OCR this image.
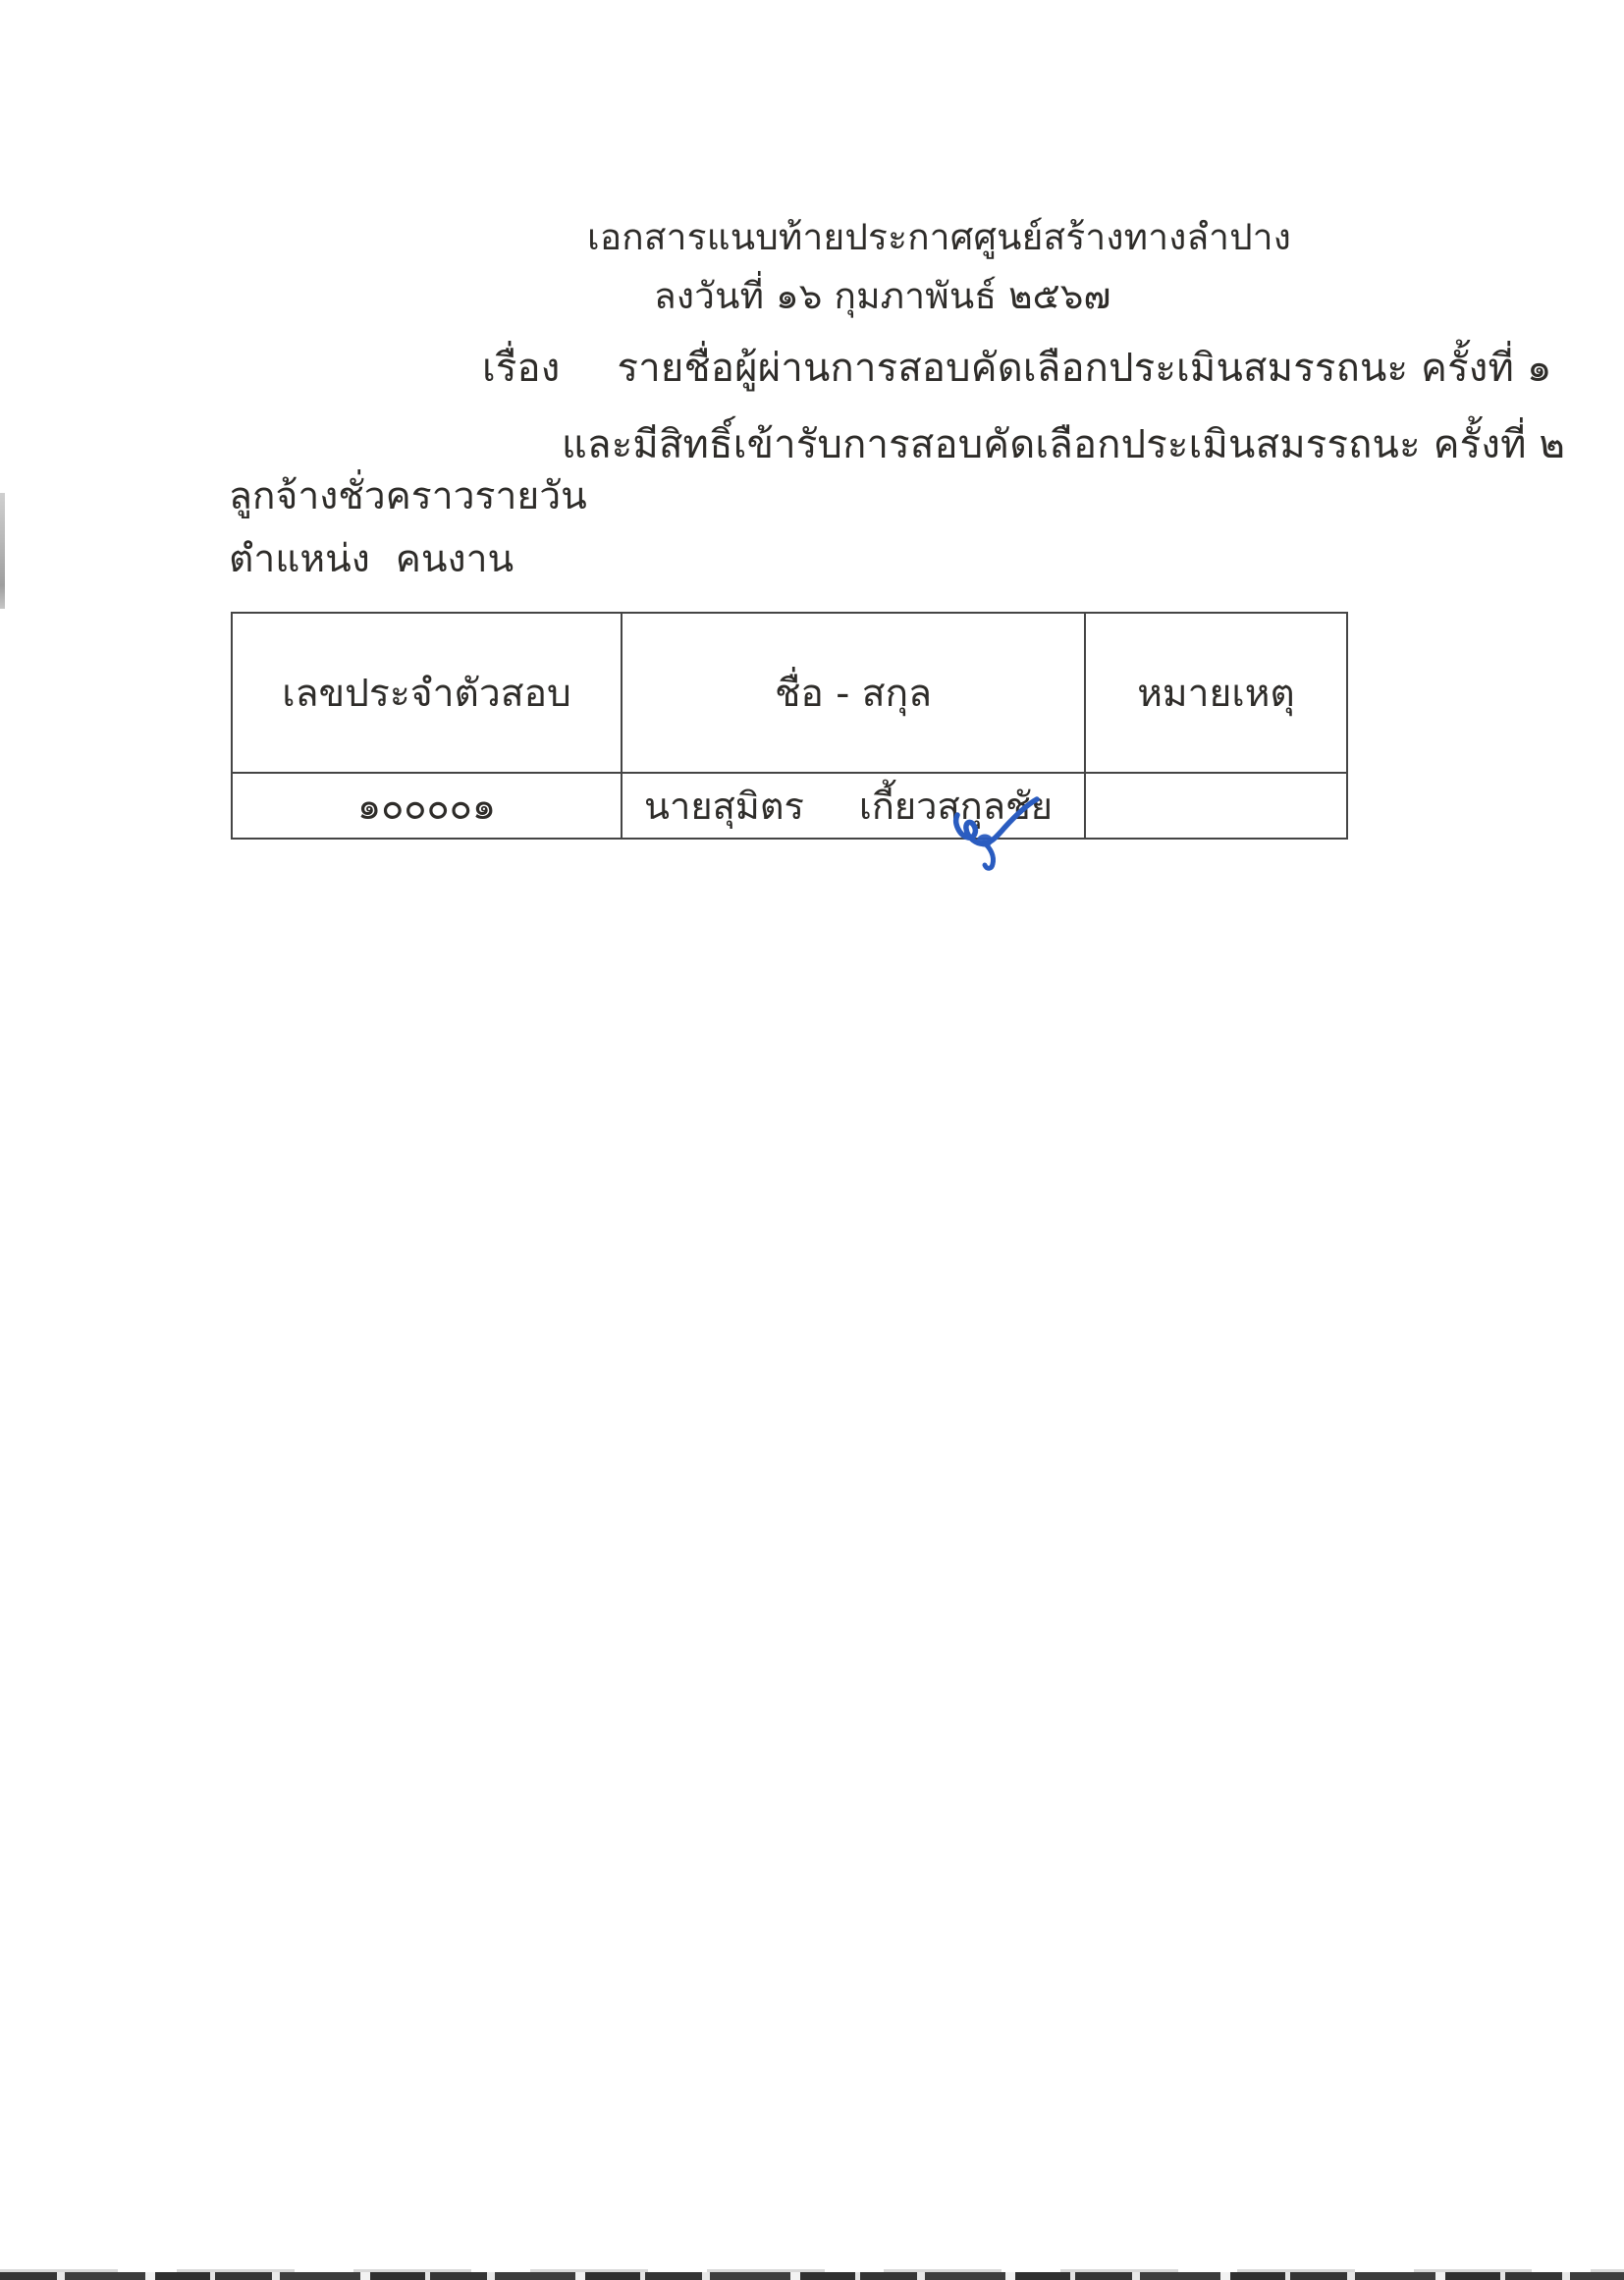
เอกสารแนบท้ายประกาศศูนย์สร้างทางลำปาง
ลงวันที่ ๑๖ กุมภาพันธ์ ๒๕๖๗
เรื่อง รายชื่อผู้ผ่านการสอบคัดเลือกประเมินสมรรถนะ ครั้งที่ ๑
และมีสิทธิ์เข้ารับการสอบคัดเลือกประเมินสมรรถนะ ครั้งที่ ๒
ลูกจ้างชั่วคราวรายวัน
ตำแหน่ง คนงาน
เลขประจำตัวสอบ	ชื่อ - สกุล	หมายเหตุ
๑๐๐๐๐๑	นายสุมิตร เกี้ยวสกุลชัย
